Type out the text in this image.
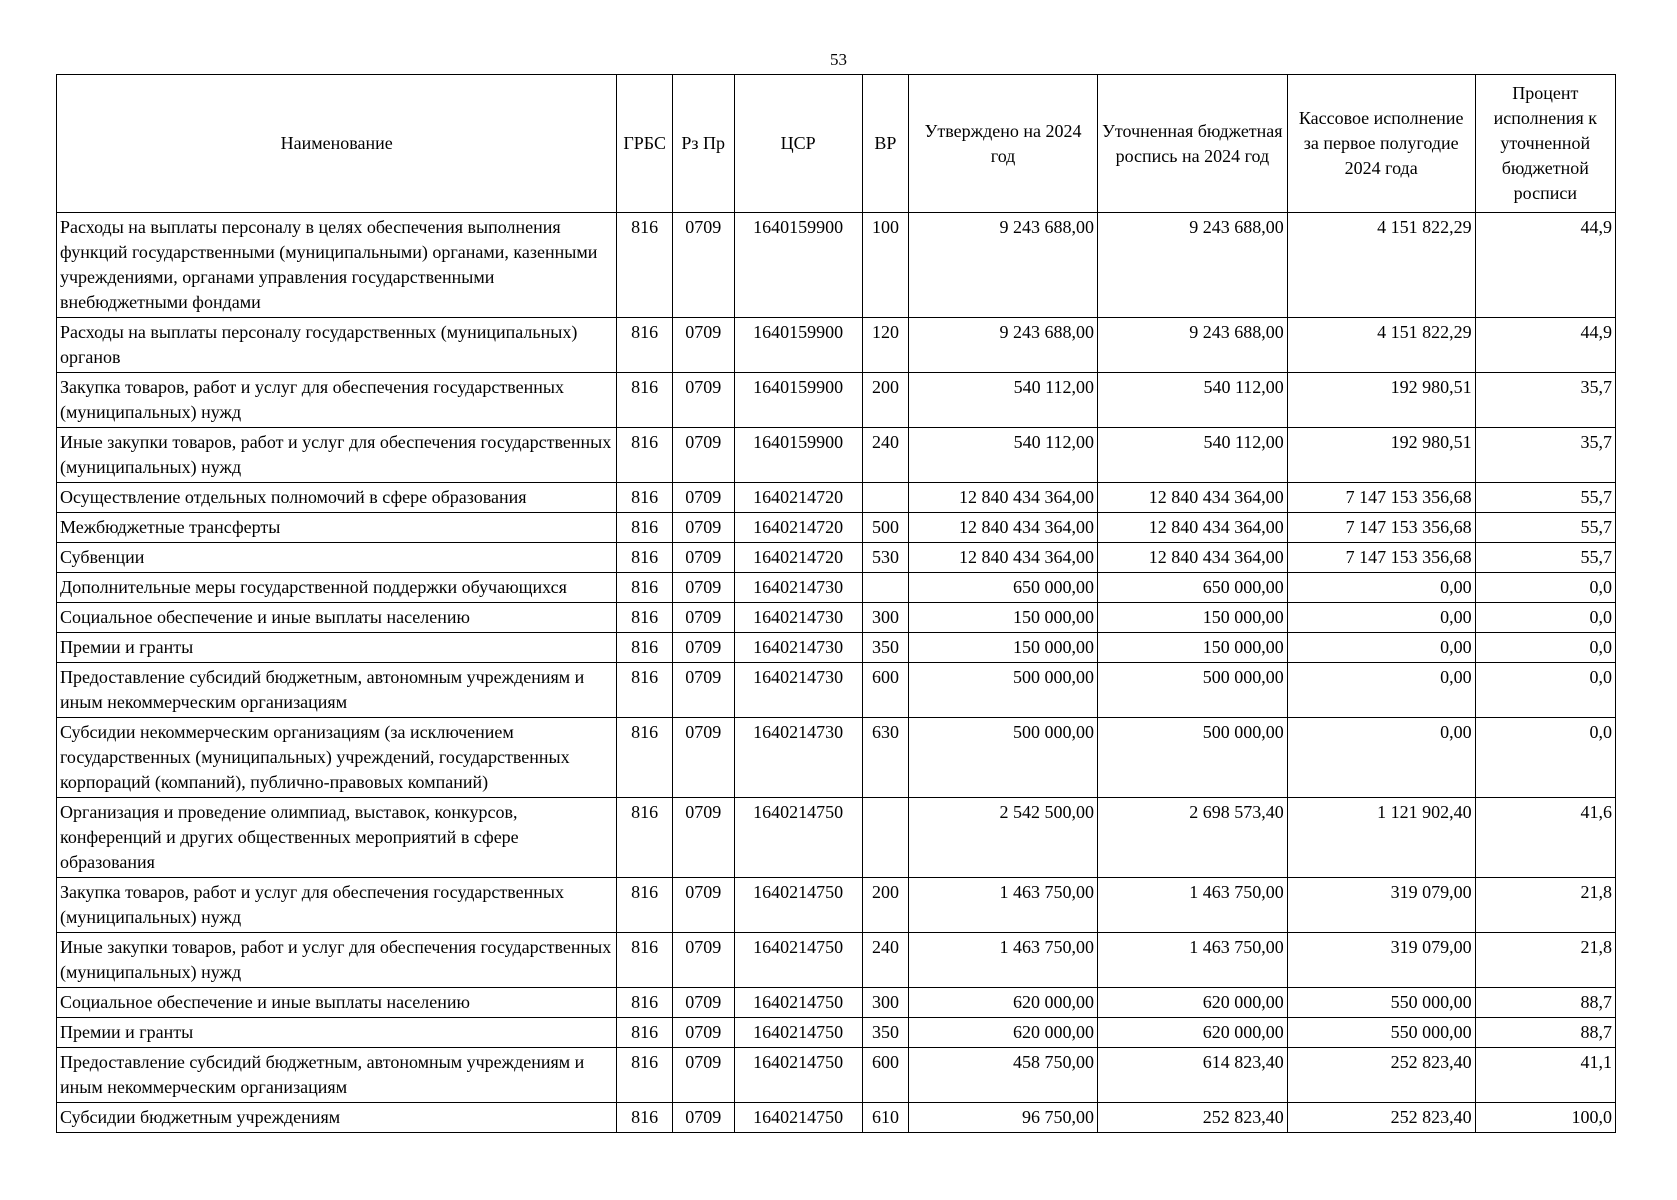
53
Наименование	ГРБС	Рз Пр	ЦСР	ВР	Утверждено на 2024 год	Уточненная бюджетная роспись на 2024 год	Кассовое исполнение за первое полугодие 2024 года	Процент исполнения к уточненной бюджетной росписи
Расходы на выплаты персоналу в целях обеспечения выполнения функций государственными (муниципальными) органами, казенными учреждениями, органами управления государственными внебюджетными фондами	816	0709	1640159900	100	9 243 688,00	9 243 688,00	4 151 822,29	44,9
Расходы на выплаты персоналу государственных (муниципальных) органов	816	0709	1640159900	120	9 243 688,00	9 243 688,00	4 151 822,29	44,9
Закупка товаров, работ и услуг для обеспечения государственных (муниципальных) нужд	816	0709	1640159900	200	540 112,00	540 112,00	192 980,51	35,7
Иные закупки товаров, работ и услуг для обеспечения государственных (муниципальных) нужд	816	0709	1640159900	240	540 112,00	540 112,00	192 980,51	35,7
Осуществление отдельных полномочий в сфере образования	816	0709	1640214720		12 840 434 364,00	12 840 434 364,00	7 147 153 356,68	55,7
Межбюджетные трансферты	816	0709	1640214720	500	12 840 434 364,00	12 840 434 364,00	7 147 153 356,68	55,7
Субвенции	816	0709	1640214720	530	12 840 434 364,00	12 840 434 364,00	7 147 153 356,68	55,7
Дополнительные меры государственной поддержки обучающихся	816	0709	1640214730		650 000,00	650 000,00	0,00	0,0
Социальное обеспечение и иные выплаты населению	816	0709	1640214730	300	150 000,00	150 000,00	0,00	0,0
Премии и гранты	816	0709	1640214730	350	150 000,00	150 000,00	0,00	0,0
Предоставление субсидий бюджетным, автономным учреждениям и иным некоммерческим организациям	816	0709	1640214730	600	500 000,00	500 000,00	0,00	0,0
Субсидии некоммерческим организациям (за исключением государственных (муниципальных) учреждений, государственных корпораций (компаний), публично-правовых компаний)	816	0709	1640214730	630	500 000,00	500 000,00	0,00	0,0
Организация и проведение олимпиад, выставок, конкурсов, конференций и других общественных мероприятий в сфере образования	816	0709	1640214750		2 542 500,00	2 698 573,40	1 121 902,40	41,6
Закупка товаров, работ и услуг для обеспечения государственных (муниципальных) нужд	816	0709	1640214750	200	1 463 750,00	1 463 750,00	319 079,00	21,8
Иные закупки товаров, работ и услуг для обеспечения государственных (муниципальных) нужд	816	0709	1640214750	240	1 463 750,00	1 463 750,00	319 079,00	21,8
Социальное обеспечение и иные выплаты населению	816	0709	1640214750	300	620 000,00	620 000,00	550 000,00	88,7
Премии и гранты	816	0709	1640214750	350	620 000,00	620 000,00	550 000,00	88,7
Предоставление субсидий бюджетным, автономным учреждениям и иным некоммерческим организациям	816	0709	1640214750	600	458 750,00	614 823,40	252 823,40	41,1
Субсидии бюджетным учреждениям	816	0709	1640214750	610	96 750,00	252 823,40	252 823,40	100,0
